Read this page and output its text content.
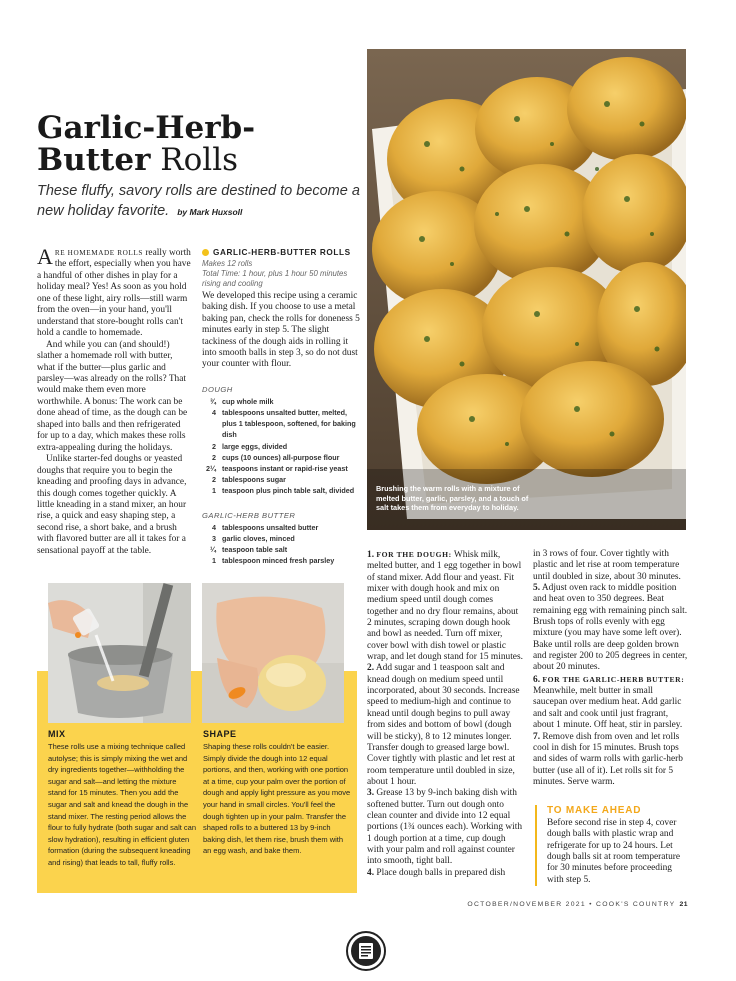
Garlic-Herb-
Butter Rolls
These fluffy, savory rolls are destined to become a new holiday favorite. by Mark Huxsoll
Brushing the warm rolls with a mixture of melted butter, garlic, parsley, and a touch of salt takes them from everyday to holiday.

ARE HOMEMADE ROLLS really worth the effort, especially when you have a handful of other dishes in play for a holiday meal? Yes! As soon as you hold one of these light, airy rolls—still warm from the oven—in your hand, you'll understand that store-bought rolls can't hold a candle to homemade.

And while you can (and should!) slather a homemade roll with butter, what if the butter—plus garlic and parsley—was already on the rolls? That would make them even more worthwhile. A bonus: The work can be done ahead of time, as the dough can be shaped into balls and then refrigerated for up to a day, which makes these rolls extra-appealing during the holidays.

Unlike starter-fed doughs or yeasted doughs that require you to begin the kneading and proofing days in advance, this dough comes together quickly. A little kneading in a stand mixer, an hour rise, a quick and easy shaping step, a second rise, a short bake, and a brush with flavored butter are all it takes for a sensational payoff at the table.

GARLIC-HERB-BUTTER ROLLS
Makes 12 rolls
Total Time: 1 hour, plus 1 hour 50 minutes rising and cooling
We developed this recipe using a ceramic baking dish. If you choose to use a metal baking pan, check the rolls for doneness 5 minutes early in step 5. The slight tackiness of the dough aids in rolling it into smooth balls in step 3, so do not dust your counter with flour.
DOUGH
¾ cup whole milk
4 tablespoons unsalted butter, melted, plus 1 tablespoon, softened, for baking dish
2 large eggs, divided
2 cups (10 ounces) all-purpose flour
2¼ teaspoons instant or rapid-rise yeast
2 tablespoons sugar
1 teaspoon plus pinch table salt, divided
GARLIC-HERB BUTTER
4 tablespoons unsalted butter
3 garlic cloves, minced
¼ teaspoon table salt
1 tablespoon minced fresh parsley

1. FOR THE DOUGH: Whisk milk, melted butter, and 1 egg together in bowl of stand mixer. Add flour and yeast. Fit mixer with dough hook and mix on medium speed until dough comes together and no dry flour remains, about 2 minutes, scraping down dough hook and bowl as needed. Turn off mixer, cover bowl with dish towel or plastic wrap, and let dough stand for 15 minutes.

2. Add sugar and 1 teaspoon salt and knead dough on medium speed until incorporated, about 30 seconds. Increase speed to medium-high and continue to knead until dough begins to pull away from sides and bottom of bowl (dough will be sticky), 8 to 12 minutes longer. Transfer dough to greased large bowl. Cover tightly with plastic and let rest at room temperature until doubled in size, about 1 hour.

3. Grease 13 by 9-inch baking dish with softened butter. Turn out dough onto clean counter and divide into 12 equal portions (1¾ ounces each). Working with 1 dough portion at a time, cup dough with your palm and roll against counter into smooth, tight ball.

4. Place dough balls in prepared dish

in 3 rows of four. Cover tightly with plastic and let rise at room temperature until doubled in size, about 30 minutes.

5. Adjust oven rack to middle position and heat oven to 350 degrees. Beat remaining egg with remaining pinch salt. Brush tops of rolls evenly with egg mixture (you may have some left over). Bake until rolls are deep golden brown and register 200 to 205 degrees in center, about 20 minutes.

6. FOR THE GARLIC-HERB BUTTER: Meanwhile, melt butter in small saucepan over medium heat. Add garlic and salt and cook until just fragrant, about 1 minute. Off heat, stir in parsley.

7. Remove dish from oven and let rolls cool in dish for 15 minutes. Brush tops and sides of warm rolls with garlic-herb butter (use all of it). Let rolls sit for 5 minutes. Serve warm.

TO MAKE AHEAD
Before second rise in step 4, cover dough balls with plastic wrap and refrigerate for up to 24 hours. Let dough balls sit at room temperature for 30 minutes before proceeding with step 5.
MIX
These rolls use a mixing technique called autolyse; this is simply mixing the wet and dry ingredients together—withholding the sugar and salt—and letting the mixture stand for 15 minutes. Then you add the sugar and salt and knead the dough in the stand mixer. The resting period allows the flour to fully hydrate (both sugar and salt can slow hydration), resulting in efficient gluten formation (during the subsequent kneading and rising) that leads to tall, fluffy rolls.
SHAPE
Shaping these rolls couldn't be easier. Simply divide the dough into 12 equal portions, and then, working with one portion at a time, cup your palm over the portion of dough and apply light pressure as you move your hand in small circles. You'll feel the dough tighten up in your palm. Transfer the shaped rolls to a buttered 13 by 9-inch baking dish, let them rise, brush them with an egg wash, and bake them.
OCTOBER/NOVEMBER 2021 • COOK'S COUNTRY 21
